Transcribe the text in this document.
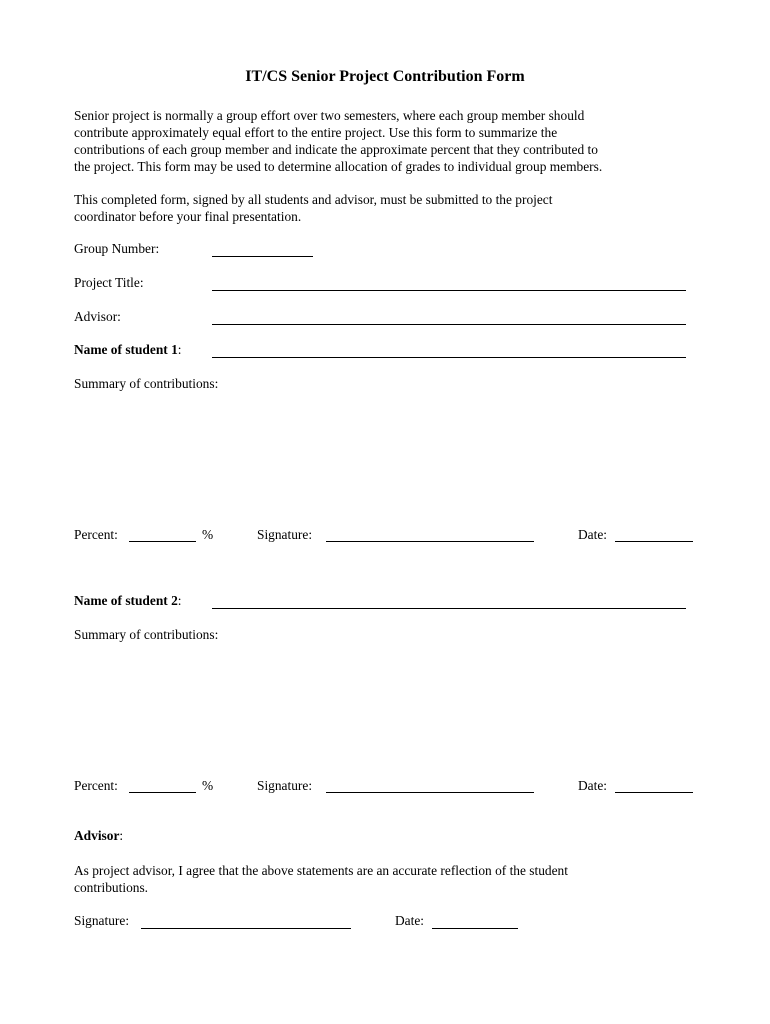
IT/CS Senior Project Contribution Form
Senior project is normally a group effort over two semesters, where each group member should
contribute approximately equal effort to the entire project. Use this form to summarize the
contributions of each group member and indicate the approximate percent that they contributed to
the project. This form may be used to determine allocation of grades to individual group members.
This completed form, signed by all students and advisor, must be submitted to the project
coordinator before your final presentation.
Group Number:
Project Title:
Advisor:
Name of student 1:
Summary of contributions:
Percent:	%	Signature:	Date:
Name of student 2:
Summary of contributions:
Percent:	%	Signature:	Date:
Advisor:
As project advisor, I agree that the above statements are an accurate reflection of the student
contributions.
Signature:	Date:
